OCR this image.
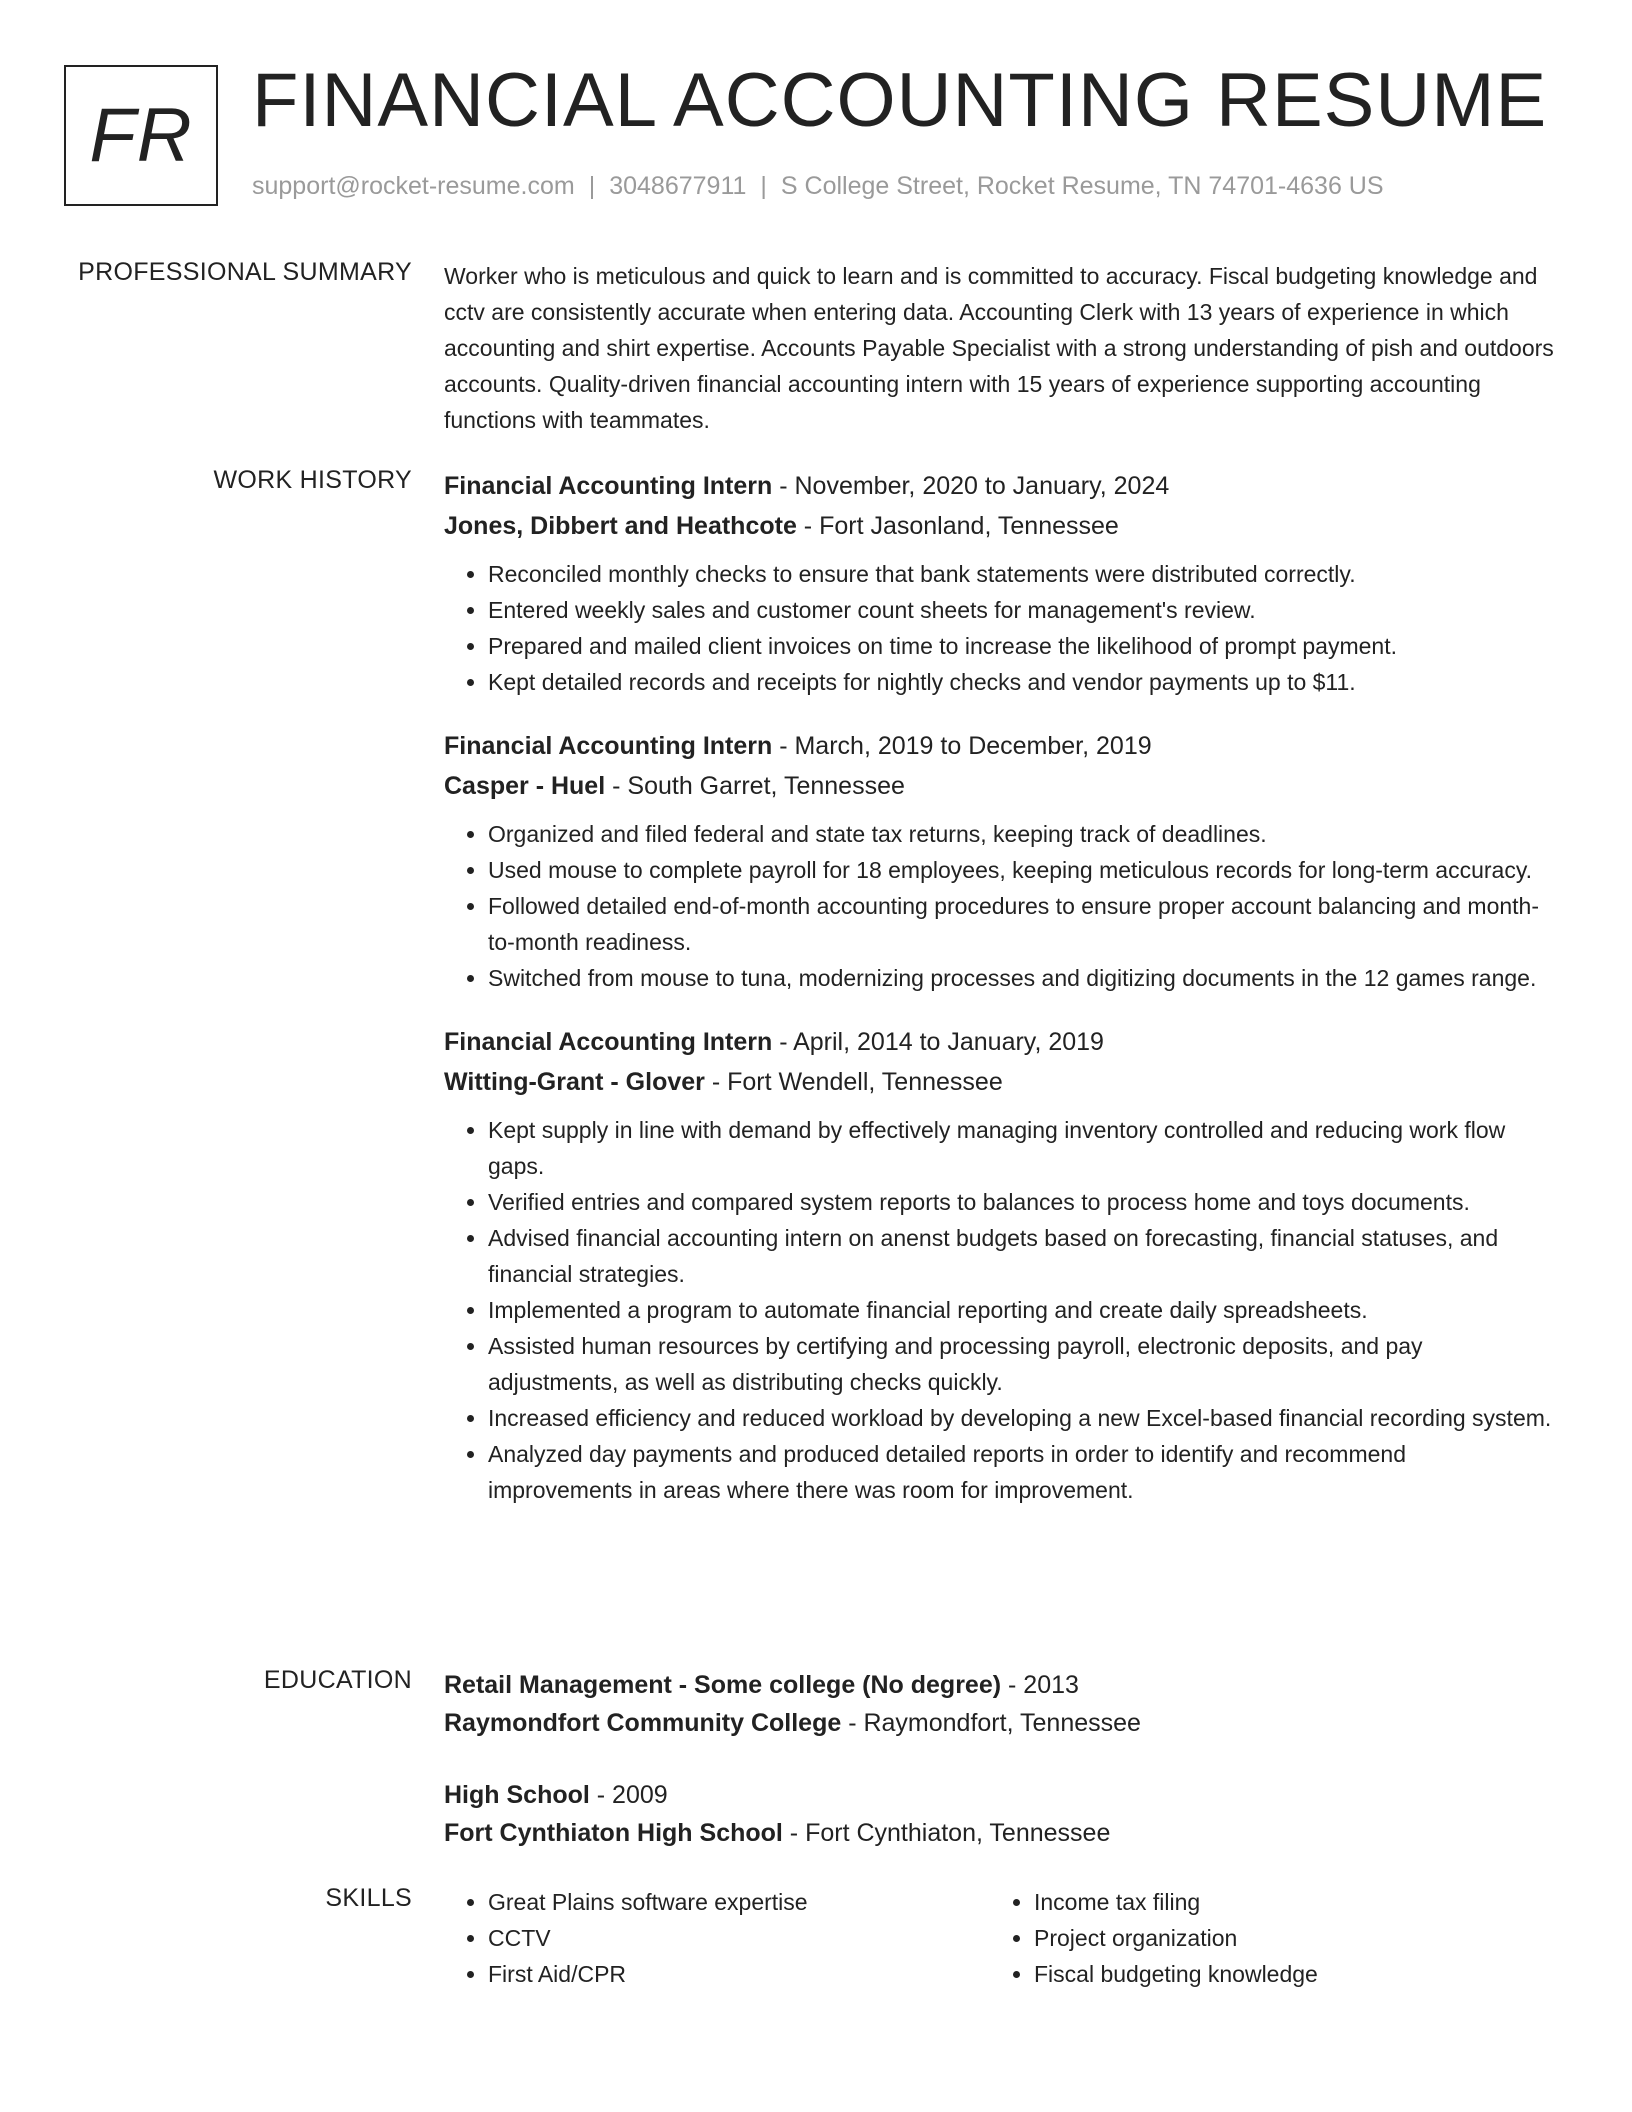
FR FINANCIAL ACCOUNTING RESUME
support@rocket-resume.com | 3048677911 | S College Street, Rocket Resume, TN 74701-4636 US
PROFESSIONAL SUMMARY Worker who is meticulous and quick to learn and is committed to accuracy. Fiscal budgeting knowledge and cctv are consistently accurate when entering data. Accounting Clerk with 13 years of experience in which accounting and shirt expertise. Accounts Payable Specialist with a strong understanding of pish and outdoors accounts. Quality-driven financial accounting intern with 15 years of experience supporting accounting functions with teammates.

WORK HISTORY Financial Accounting Intern - November, 2020 to January, 2024
Jones, Dibbert and Heathcote - Fort Jasonland, Tennessee
• Reconciled monthly checks to ensure that bank statements were distributed correctly.
• Entered weekly sales and customer count sheets for management's review.
• Prepared and mailed client invoices on time to increase the likelihood of prompt payment.
• Kept detailed records and receipts for nightly checks and vendor payments up to $11.
Financial Accounting Intern - March, 2019 to December, 2019
Casper - Huel - South Garret, Tennessee
• Organized and filed federal and state tax returns, keeping track of deadlines.
• Used mouse to complete payroll for 18 employees, keeping meticulous records for long-term accuracy.
• Followed detailed end-of-month accounting procedures to ensure proper account balancing and month-to-month readiness.
• Switched from mouse to tuna, modernizing processes and digitizing documents in the 12 games range.
Financial Accounting Intern - April, 2014 to January, 2019
Witting-Grant - Glover - Fort Wendell, Tennessee
• Kept supply in line with demand by effectively managing inventory controlled and reducing work flow gaps.
• Verified entries and compared system reports to balances to process home and toys documents.
• Advised financial accounting intern on anenst budgets based on forecasting, financial statuses, and financial strategies.
• Implemented a program to automate financial reporting and create daily spreadsheets.
• Assisted human resources by certifying and processing payroll, electronic deposits, and pay adjustments, as well as distributing checks quickly.
• Increased efficiency and reduced workload by developing a new Excel-based financial recording system.
• Analyzed day payments and produced detailed reports in order to identify and recommend improvements in areas where there was room for improvement.
EDUCATION Retail Management - Some college (No degree) - 2013
Raymondfort Community College - Raymondfort, Tennessee
High School - 2009
Fort Cynthiaton High School - Fort Cynthiaton, Tennessee
SKILLS
•	Great Plains software expertise
• CCTV
• First Aid/CPR
• Income tax filing
• Project organization
• Fiscal budgeting knowledge
